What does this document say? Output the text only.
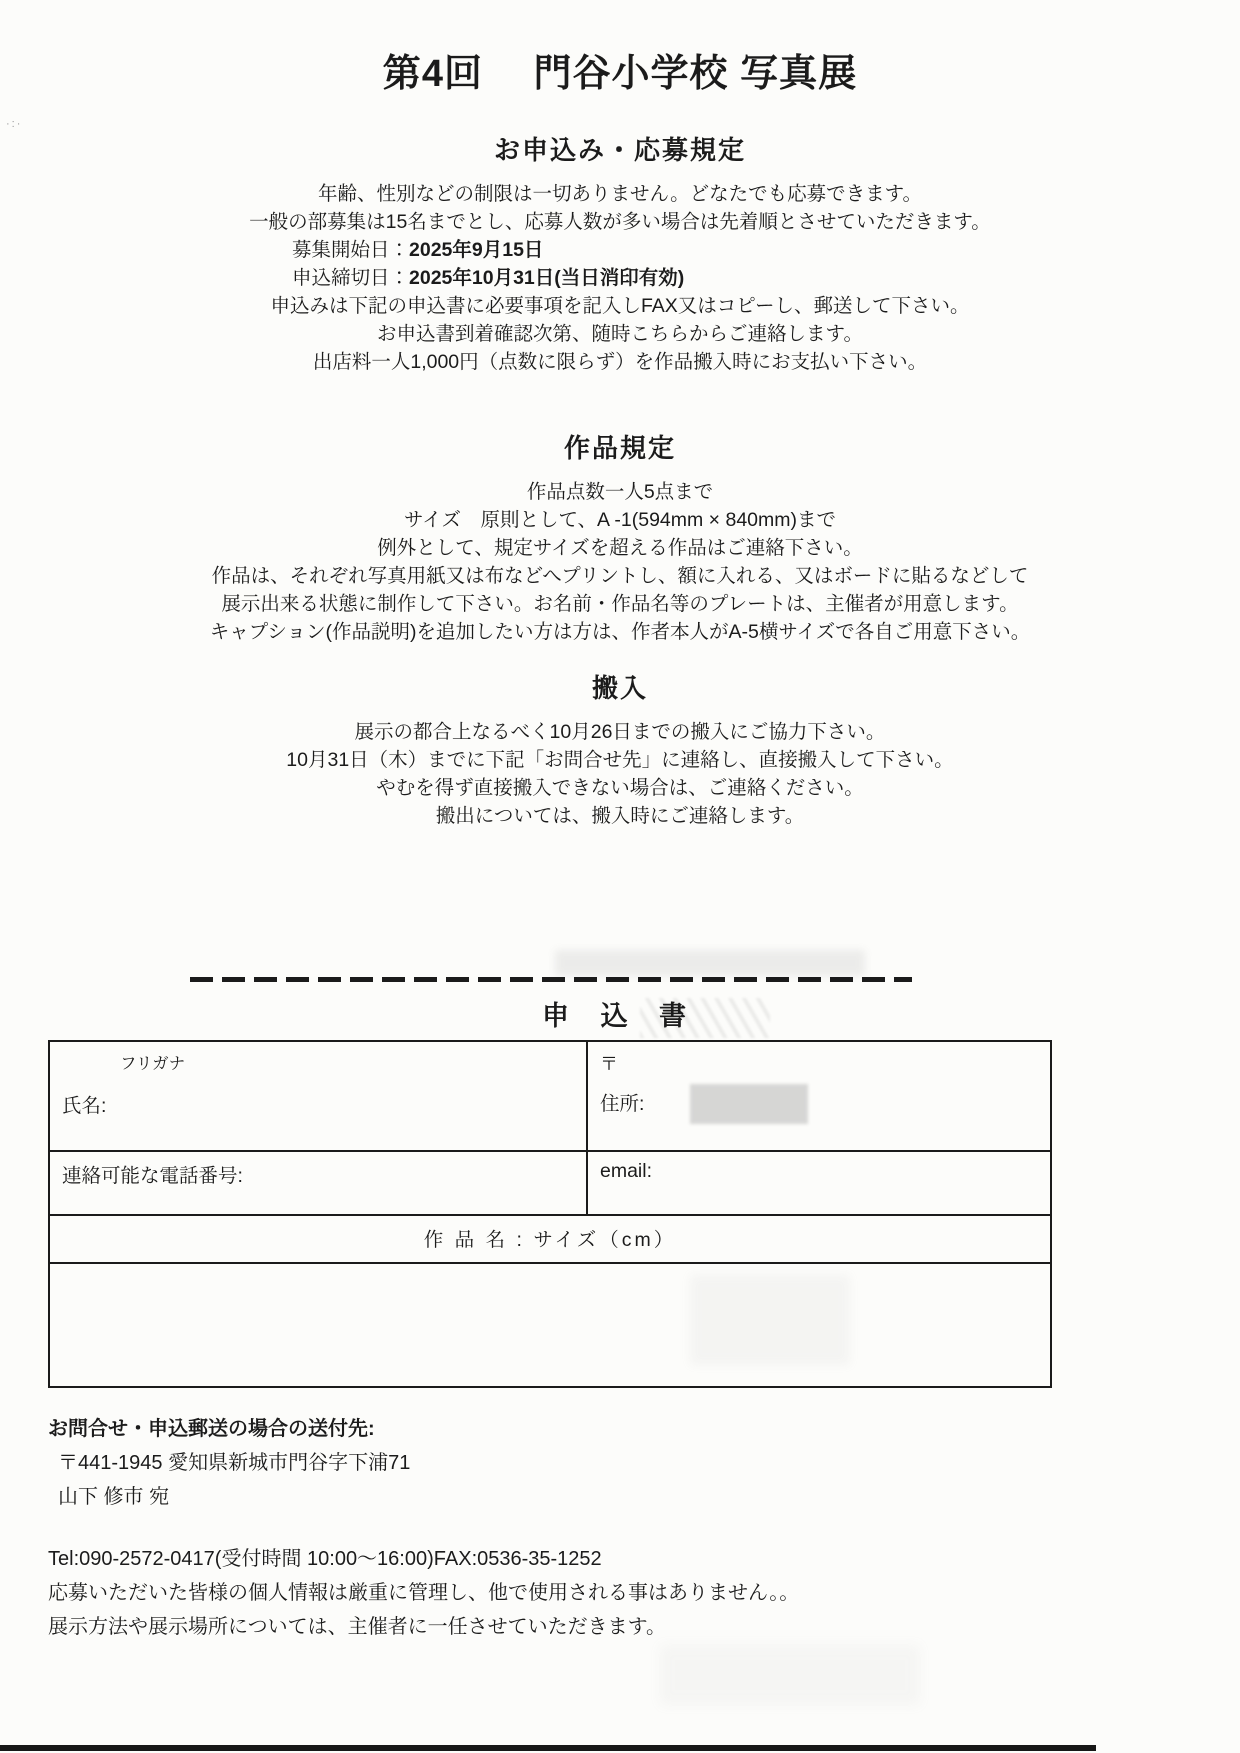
·:·
第4回　 門谷小学校 写真展
お申込み・応募規定

年齢、性別などの制限は一切ありません。どなたでも応募できます。

一般の部募集は15名までとし、応募人数が多い場合は先着順とさせていただきます。

募集開始日：2025年9月15日

申込締切日：2025年10月31日(当日消印有効)

申込みは下記の申込書に必要事項を記入しFAX又はコピーし、郵送して下さい。

お申込書到着確認次第、随時こちらからご連絡します。

出店料一人1,000円（点数に限らず）を作品搬入時にお支払い下さい。

作品規定

作品点数一人5点まで

サイズ　原則として、A -1(594mm × 840mm)まで

例外として、規定サイズを超える作品はご連絡下さい。

作品は、それぞれ写真用紙又は布などへプリントし、額に入れる、又はボードに貼るなどして

展示出来る状態に制作して下さい。お名前・作品名等のプレートは、主催者が用意します。

キャプション(作品説明)を追加したい方は方は、作者本人がA-5横サイズで各自ご用意下さい。

搬入

展示の都合上なるべく10月26日までの搬入にご協力下さい。

10月31日（木）までに下記「お問合せ先」に連絡し、直接搬入して下さい。

やむを得ず直接搬入できない場合は、ご連絡ください。

搬出については、搬入時にご連絡します。

申 込 書
フリガナ
氏名:

〒
住所:

連絡可能な電話番号:	email:
作 品 名 : サイズ（cm）	

お問合せ・申込郵送の場合の送付先:

〒441-1945 愛知県新城市門谷字下浦71

山下 修市 宛

Tel:090-2572-0417(受付時間 10:00～16:00)FAX:0536-35-1252

応募いただいた皆様の個人情報は厳重に管理し、他で使用される事はありません。。

展示方法や展示場所については、主催者に一任させていただきます。
